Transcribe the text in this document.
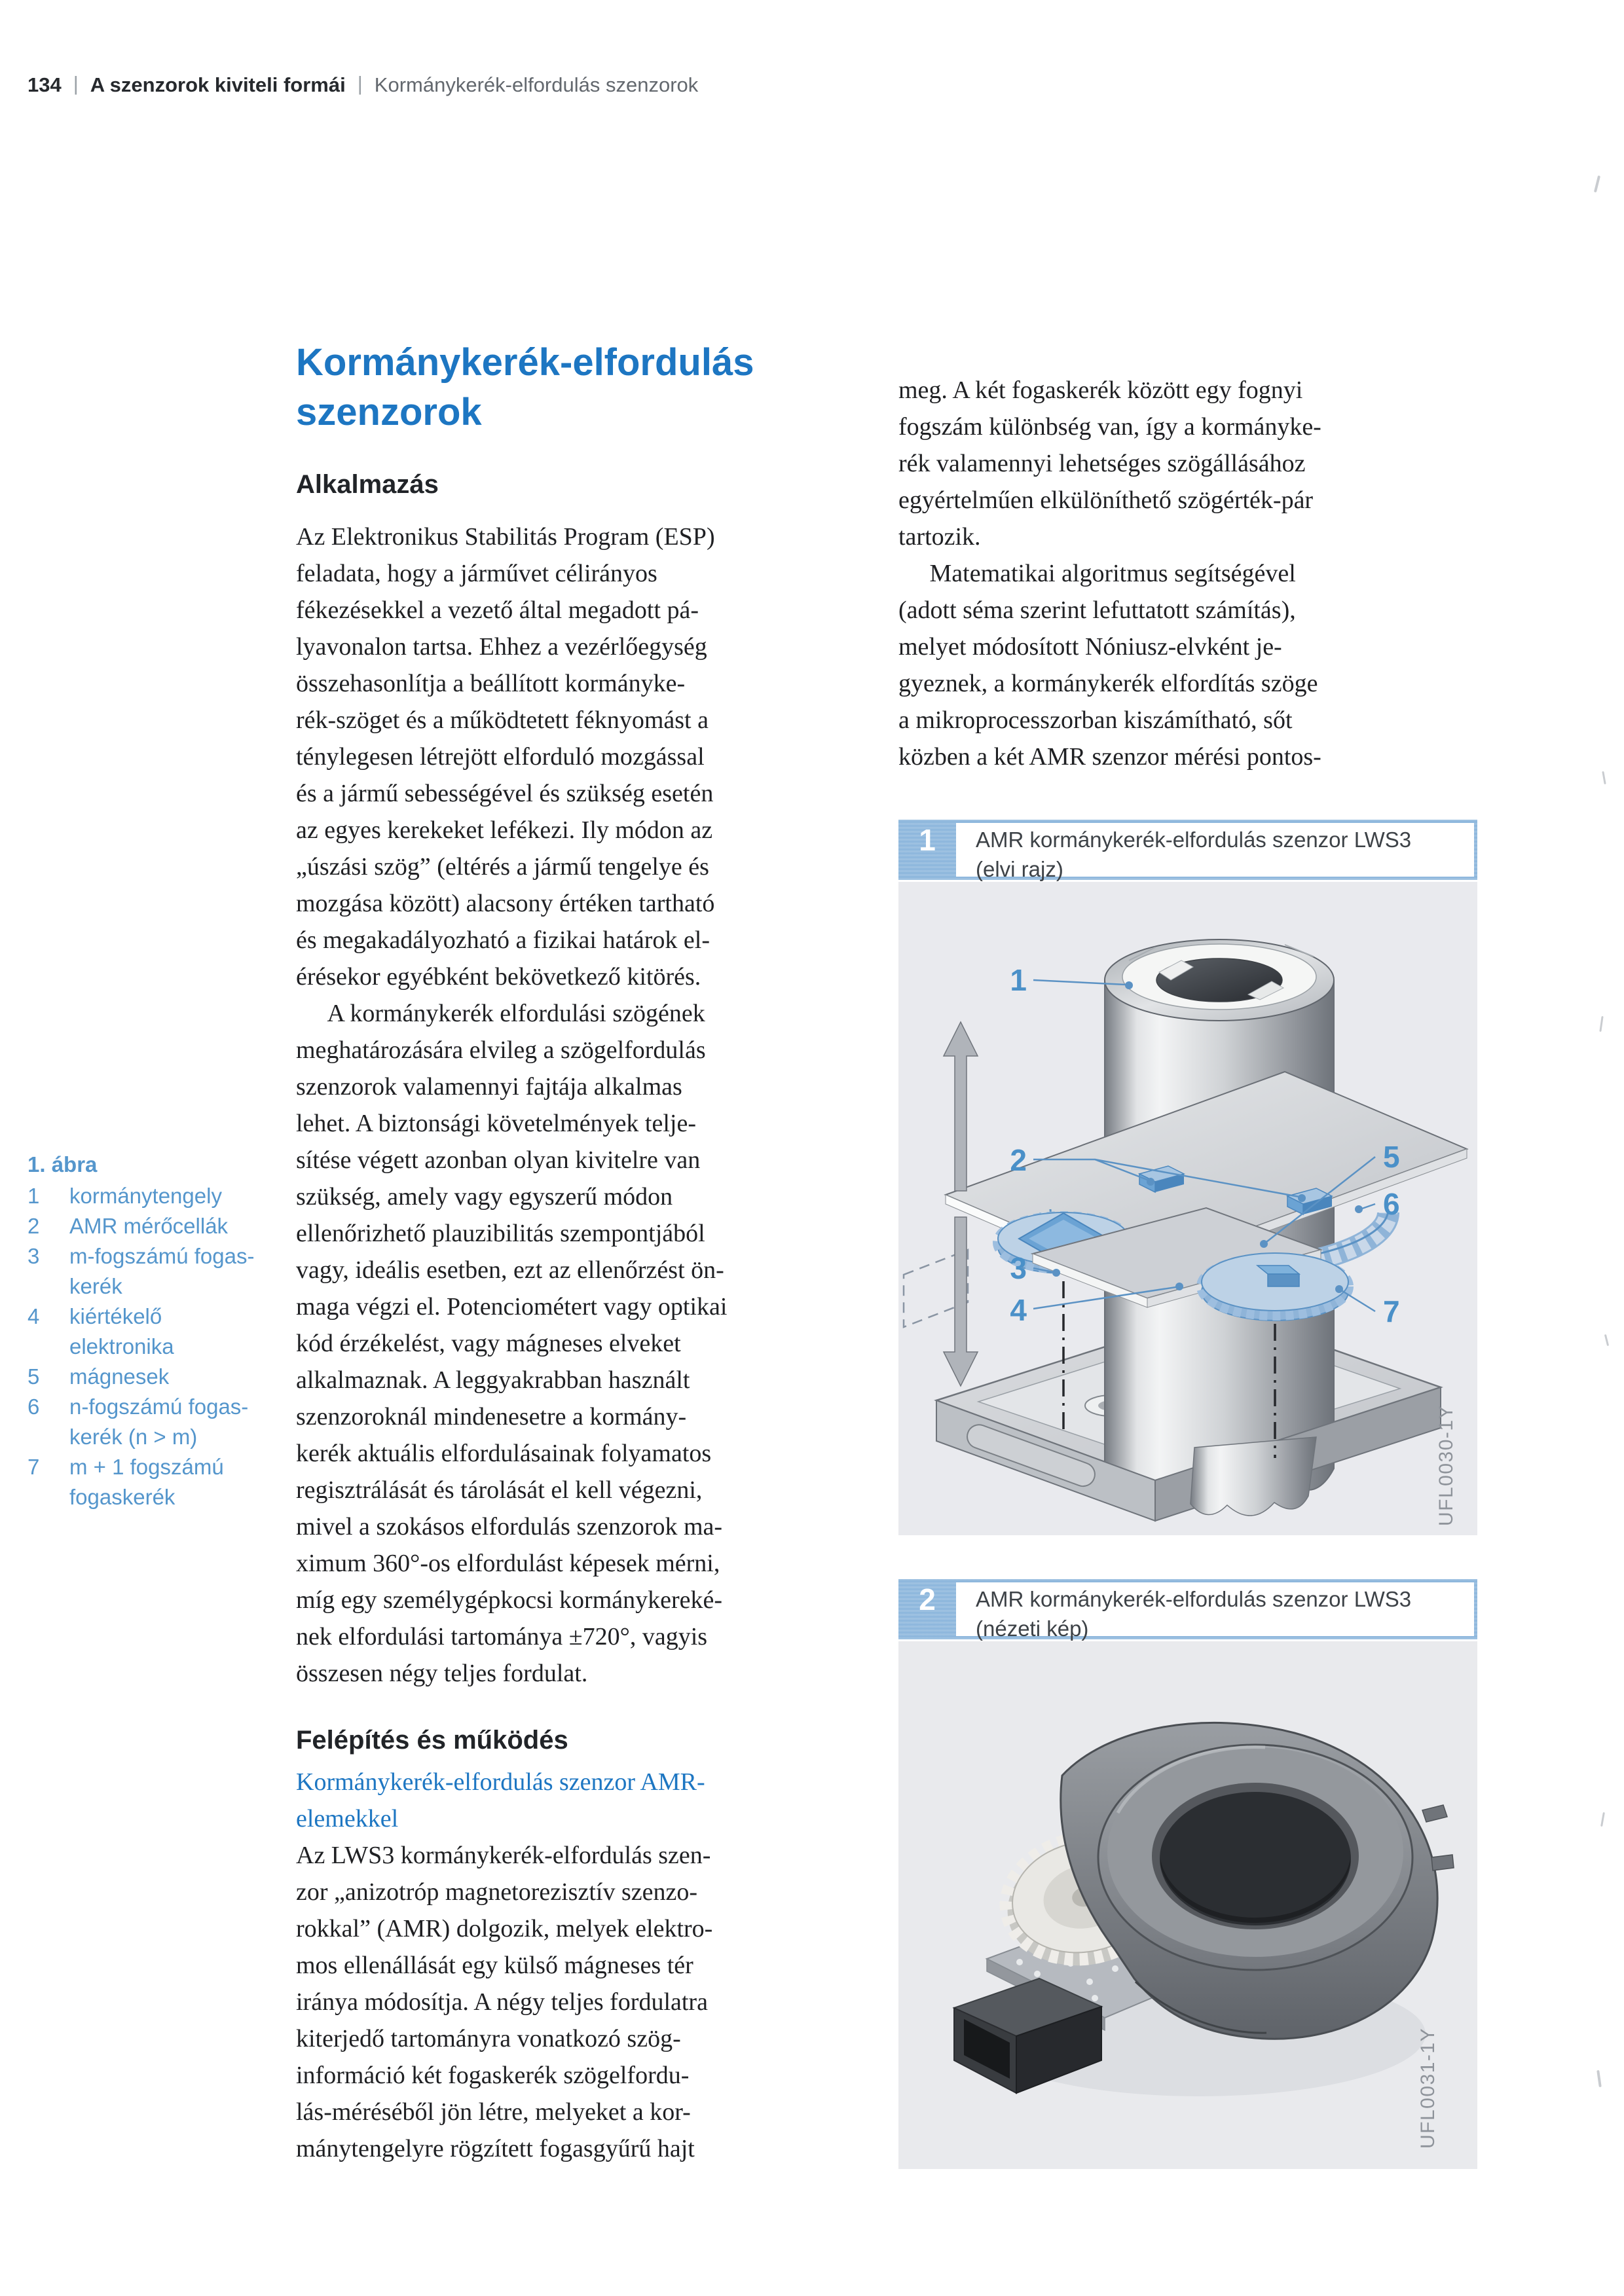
134 | A szenzorok kiviteli formái | Kormánykerék-elfordulás szenzorok
Kormánykerék-elfordulás
szenzorok
Alkalmazás
Az Elektronikus Stabilitás Program (ESP)
feladata, hogy a járművet célirányos
fékezésekkel a vezető által megadott pá-
lyavonalon tartsa. Ehhez a vezérlőegység
összehasonlítja a beállított kormányke-
rék-szöget és a működtetett féknyomást a
ténylegesen létrejött elforduló mozgással
és a jármű sebességével és szükség esetén
az egyes kerekeket lefékezi. Ily módon az
„úszási szög” (eltérés a jármű tengelye és
mozgása között) alacsony értéken tartható
és megakadályozható a fizikai határok el-
érésekor egyébként bekövetkező kitörés.
A kormánykerék elfordulási szögének
meghatározására elvileg a szögelfordulás
szenzorok valamennyi fajtája alkalmas
lehet. A biztonsági követelmények telje-
sítése végett azonban olyan kivitelre van
szükség, amely vagy egyszerű módon
ellenőrizhető plauzibilitás szempontjából
vagy, ideális esetben, ezt az ellenőrzést ön-
maga végzi el. Potenciométert vagy optikai
kód érzékelést, vagy mágneses elveket
alkalmaznak. A leggyakrabban használt
szenzoroknál mindenesetre a kormány-
kerék aktuális elfordulásainak folyamatos
regisztrálását és tárolását el kell végezni,
mivel a szokásos elfordulás szenzorok ma-
ximum 360°-os elfordulást képesek mérni,
míg egy személygépkocsi kormánykereké-
nek elfordulási tartománya ±720°, vagyis
összesen négy teljes fordulat.
Felépítés és működés
Kormánykerék-elfordulás szenzor AMR-
elemekkel
Az LWS3 kormánykerék-elfordulás szen-
zor „anizotróp magnetorezisztív szenzo-
rokkal” (AMR) dolgozik, melyek elektro-
mos ellenállását egy külső mágneses tér
iránya módosítja. A négy teljes fordulatra
kiterjedő tartományra vonatkozó szög-
információ két fogaskerék szögelfordu-
lás-méréséből jön létre, melyeket a kor-
mánytengelyre rögzített fogasgyűrű hajt
meg. A két fogaskerék között egy fognyi
fogszám különbség van, így a kormányke-
rék valamennyi lehetséges szögállásához
egyértelműen elkülöníthető szögérték-pár
tartozik.
Matematikai algoritmus segítségével
(adott séma szerint lefuttatott számítás),
melyet módosított Nóniusz-elvként je-
gyeznek, a kormánykerék elfordítás szöge
a mikroprocesszorban kiszámítható, sőt
közben a két AMR szenzor mérési pontos-
1. ábra
1	kormánytengely
2	AMR mérőcellák
3	m-fogszámú fogas-
kerék
4	kiértékelő
elektronika
5	mágnesek
6	n-fogszámú fogas-
kerék (n > m)
7	m + 1 fogszámú
fogaskerék
1	AMR kormánykerék-elfordulás szenzor LWS3
(elvi rajz)
1
2
3
4
5
6
7
UFL0030-1Y
2	AMR kormánykerék-elfordulás szenzor LWS3
(nézeti kép)
UFL0031-1Y
